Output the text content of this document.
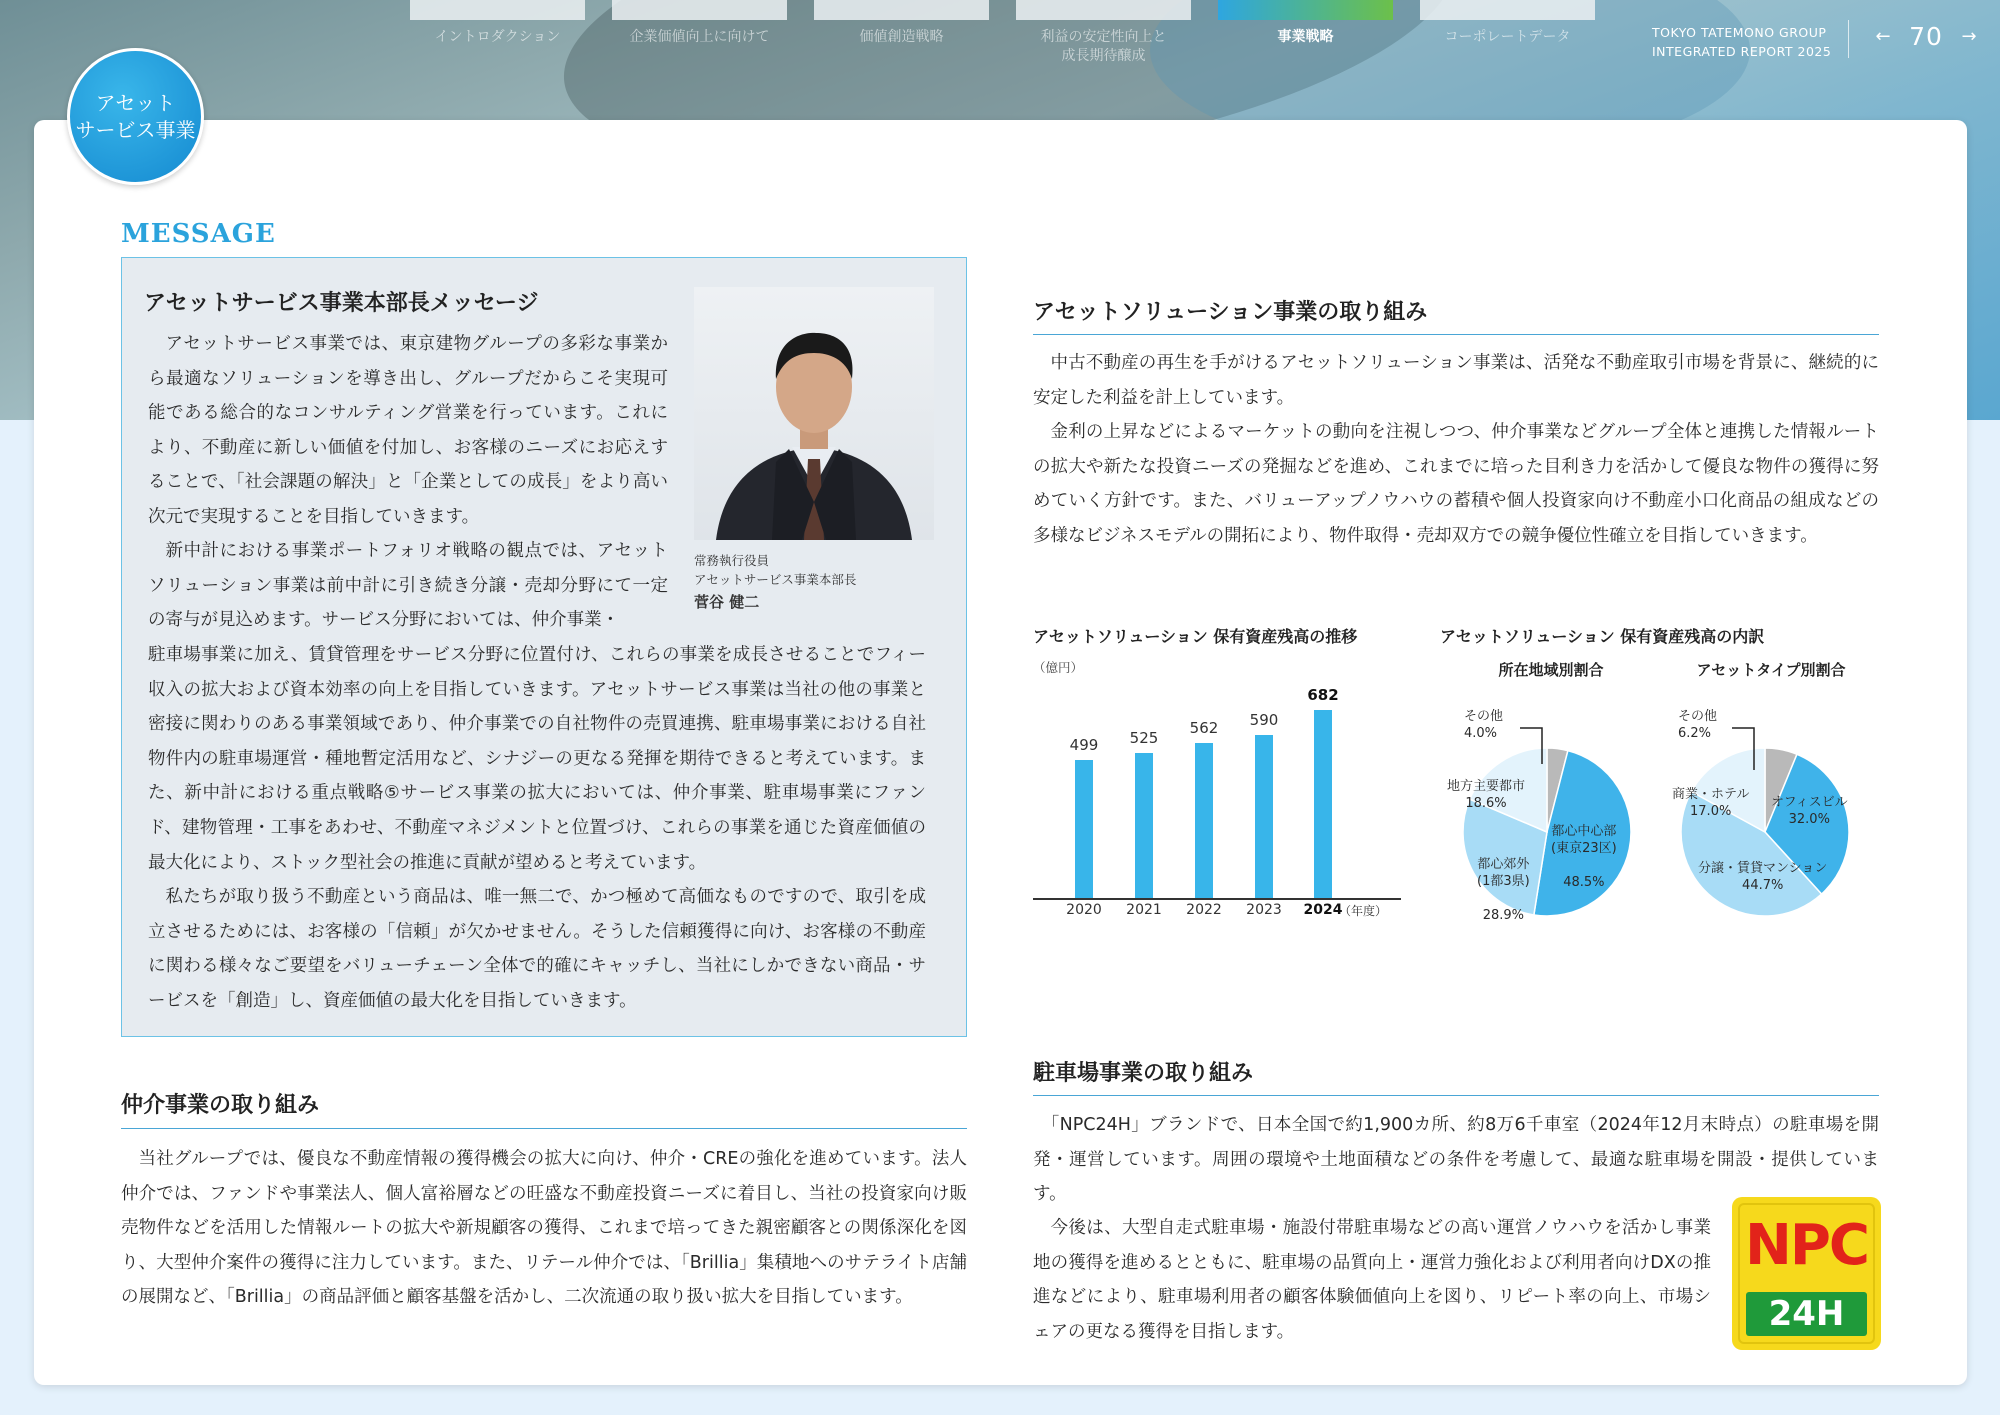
イントロダクション	企業価値向上に向けて	価値創造戦略	利益の安定性向上と
成長期待醸成
事業戦略	コーポレートデータ	TOKYO TATEMONO GROUP
INTEGRATED REPORT 2025
← 70	→
アセット
サービス事業
MESSAGE
アセットサービス事業本部長メッセージ
常務執行役員
アセットサービス事業本部長
菅谷 健二
アセットサービス事業では、東京建物グループの多彩な事業から最適なソリューションを導き出し、グループだからこそ実現可能である総合的なコンサルティング営業を行っています。これにより、不動産に新しい価値を付加し、お客様のニーズにお応えすることで、「社会課題の解決」と「企業としての成長」をより高い次元で実現することを目指していきます。
新中計における事業ポートフォリオ戦略の観点では、アセットソリューション事業は前中計に引き続き分譲・売却分野にて一定の寄与が見込めます。サービス分野においては、仲介事業・
駐車場事業に加え、賃貸管理をサービス分野に位置付け、これらの事業を成長させることでフィー収入の拡大および資本効率の向上を目指していきます。アセットサービス事業は当社の他の事業と密接に関わりのある事業領域であり、仲介事業での自社物件の売買連携、駐車場事業における自社物件内の駐車場運営・種地暫定活用など、シナジーの更なる発揮を期待できると考えています。また、新中計における重点戦略⑤サービス事業の拡大においては、仲介事業、駐車場事業にファンド、建物管理・工事をあわせ、不動産マネジメントと位置づけ、これらの事業を通じた資産価値の最大化により、ストック型社会の推進に貢献が望めると考えています。
私たちが取り扱う不動産という商品は、唯一無二で、かつ極めて高価なものですので、取引を成立させるためには、お客様の「信頼」が欠かせません。そうした信頼獲得に向け、お客様の不動産に関わる様々なご要望をバリューチェーン全体で的確にキャッチし、当社にしかできない商品・サービスを「創造」し、資産価値の最大化を目指していきます。
仲介事業の取り組み
当社グループでは、優良な不動産情報の獲得機会の拡大に向け、仲介・CREの強化を進めています。法人仲介では、ファンドや事業法人、個人富裕層などの旺盛な不動産投資ニーズに着目し、当社の投資家向け販売物件などを活用した情報ルートの拡大や新規顧客の獲得、これまで培ってきた親密顧客との関係深化を図り、大型仲介案件の獲得に注力しています。また、リテール仲介では、「Brillia」集積地へのサテライト店舗の展開など、「Brillia」の商品評価と顧客基盤を活かし、二次流通の取り扱い拡大を目指しています。
アセットソリューション事業の取り組み
中古不動産の再生を手がけるアセットソリューション事業は、活発な不動産取引市場を背景に、継続的に安定した利益を計上しています。
金利の上昇などによるマーケットの動向を注視しつつ、仲介事業などグループ全体と連携した情報ルートの拡大や新たな投資ニーズの発掘などを進め、これまでに培った目利き力を活かして優良な物件の獲得に努めていく方針です。また、バリューアップノウハウの蓄積や個人投資家向け不動産小口化商品の組成などの多様なビジネスモデルの開拓により、物件取得・売却双方での競争優位性確立を目指していきます。
アセットソリューション 保有資産残高の推移
（億円）
499
2020
525
2021
562
2022
590
2023
682
2024
（年度）
アセットソリューション 保有資産残高の内訳
所在地域別割合	アセットタイプ別割合
その他
4.0%
地方主要都市
18.6%

都心郊外
(1都3県)

28.9%

都心中心部
(東京23区)

48.5%

その他
6.2%
商業・ホテル
17.0%
オフィスビル
32.0%
分譲・賃貸マンション
44.7%
駐車場事業の取り組み
「NPC24H」ブランドで、日本全国で約1,900カ所、約8万6千車室（2024年12月末時点）の駐車場を開発・運営しています。周囲の環境や土地面積などの条件を考慮して、最適な駐車場を開設・提供しています。
今後は、大型自走式駐車場・施設付帯駐車場などの高い運営ノウハウを活かし事業地の獲得を進めるとともに、駐車場の品質向上・運営力強化および利用者向けDXの推進などにより、駐車場利用者の顧客体験価値向上を図り、リピート率の向上、市場シェアの更なる獲得を目指します。
NPC
24H
